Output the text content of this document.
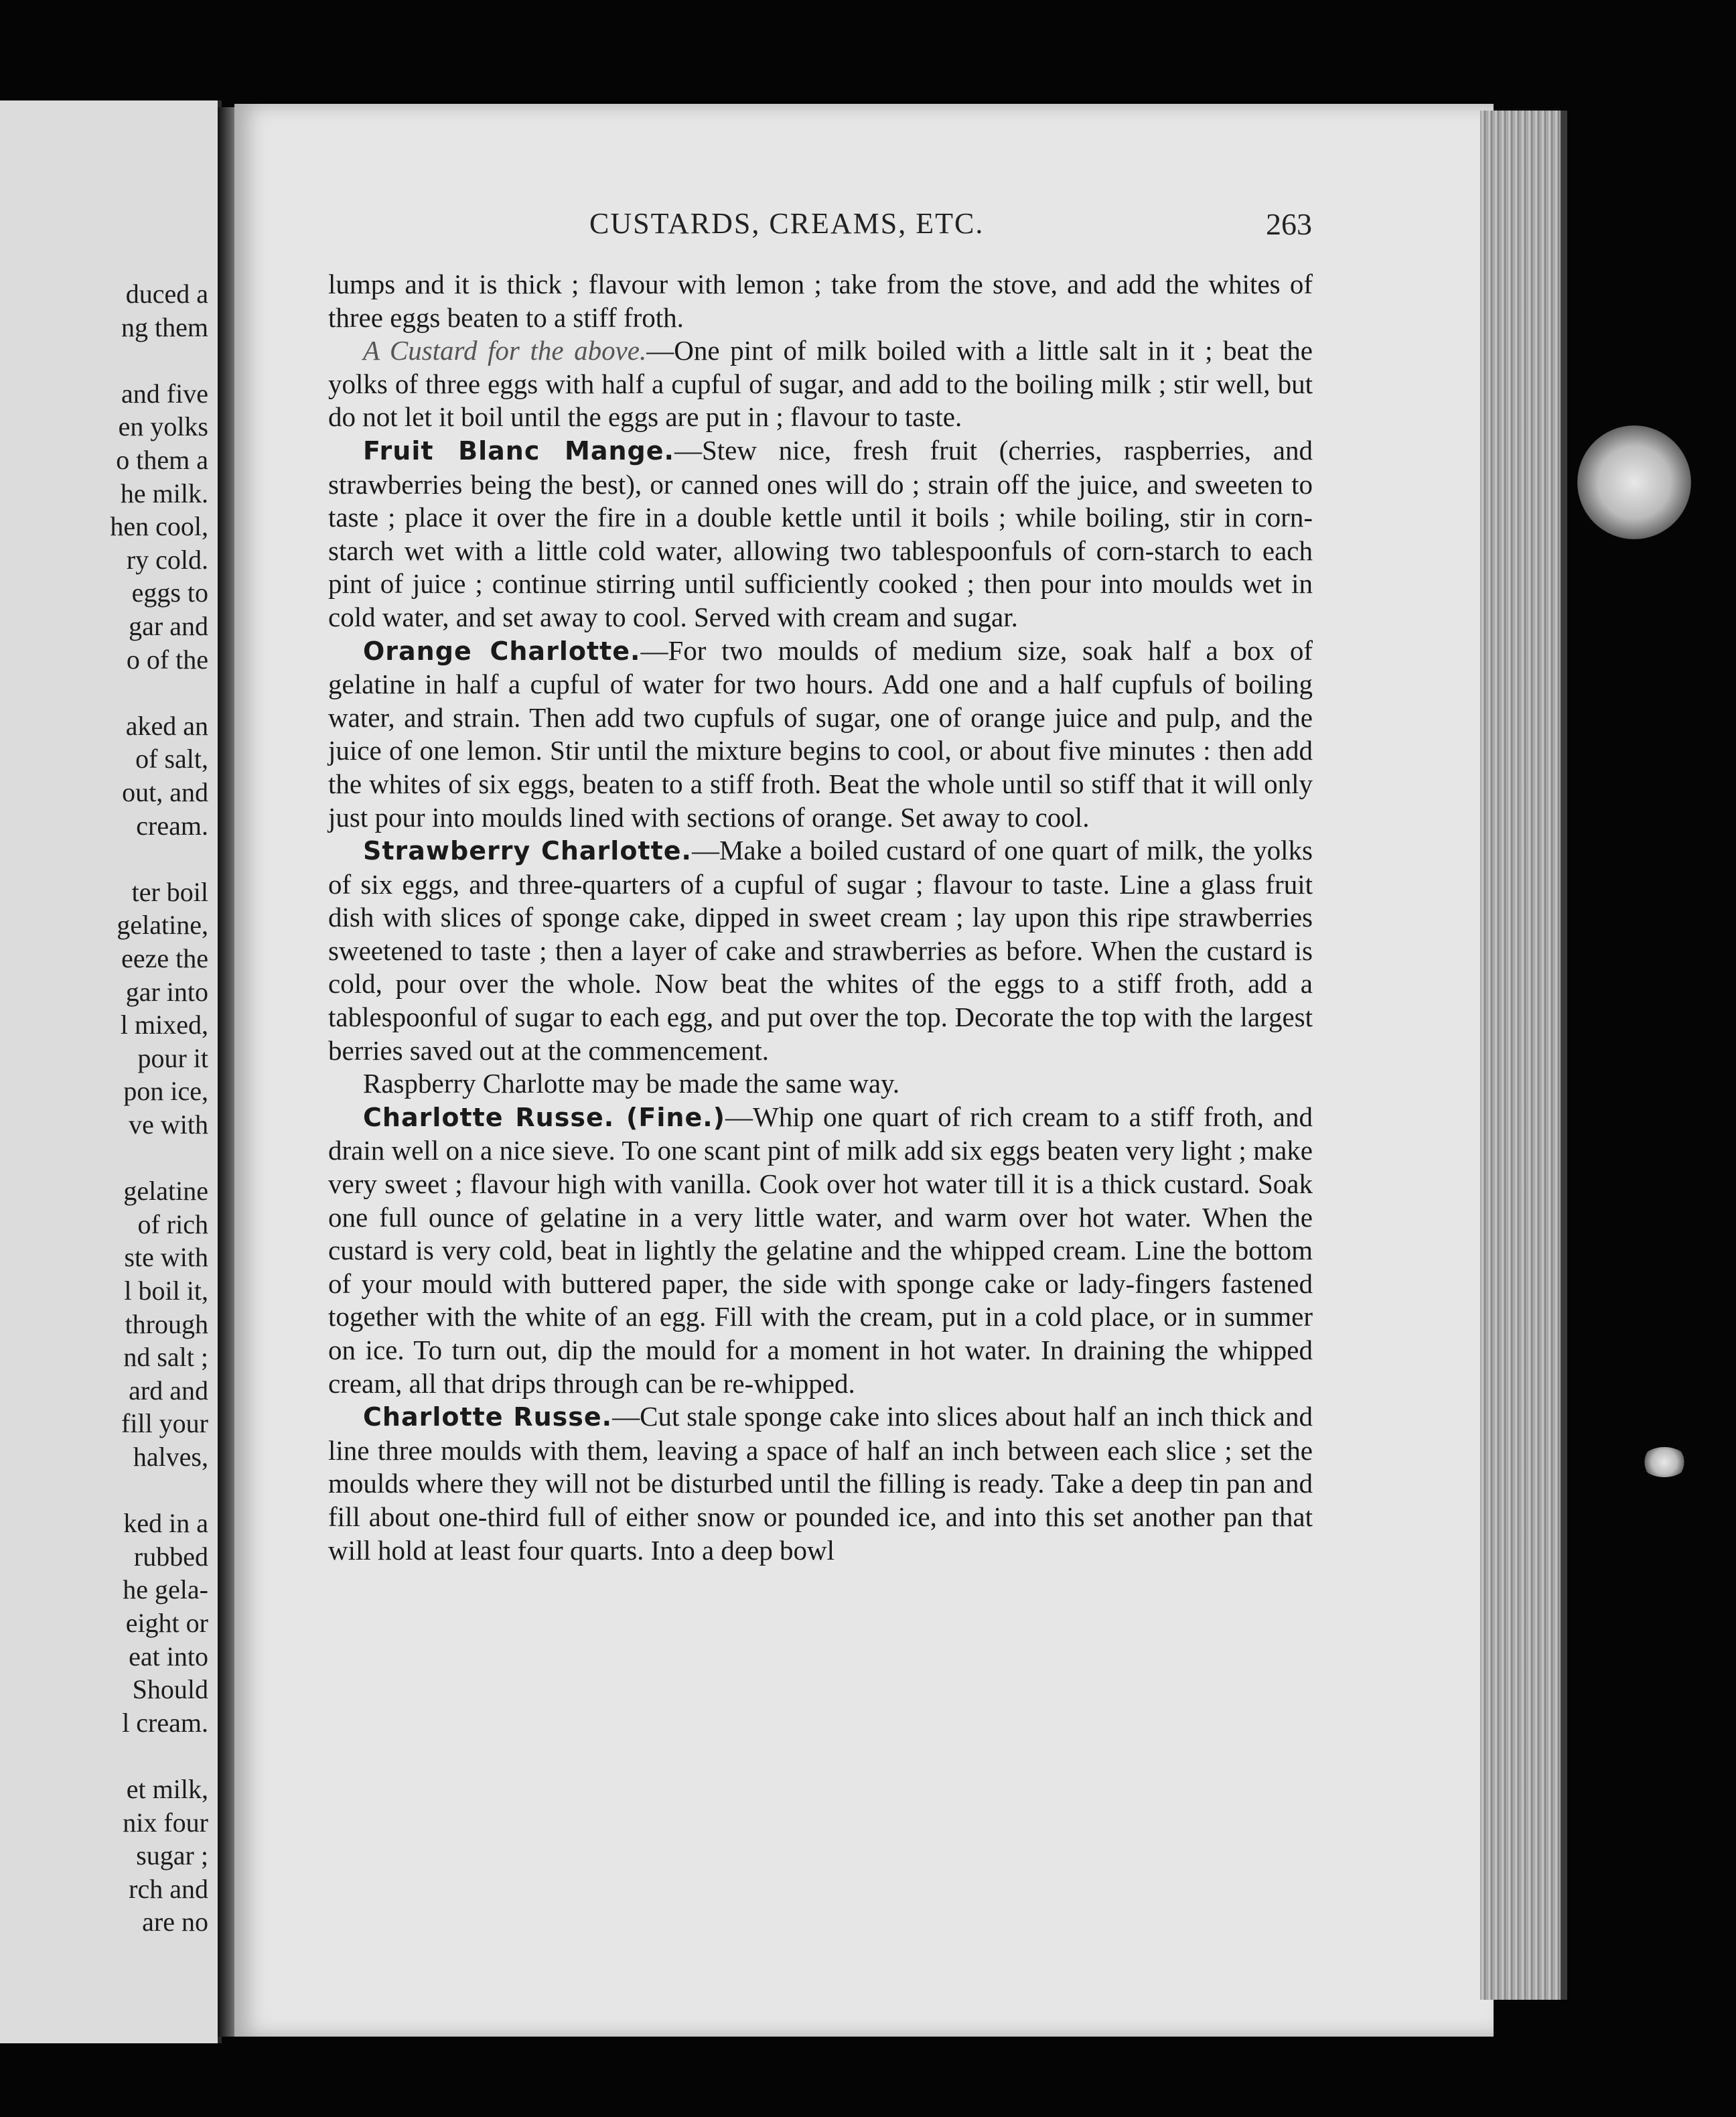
duced a
ng them
and five
en yolks
o them a
he milk.
hen cool,
ry cold.
eggs to
gar and
o of the
aked an
of salt,
out, and
cream.
ter boil
gelatine,
eeze the
gar into
l mixed,
pour it
pon ice,
ve with
gelatine
of rich
ste with
l boil it,
through
nd salt ;
ard and
fill your
halves,
ked in a
rubbed
he gela-
eight or
eat into
Should
l cream.
et milk,
nix four
sugar ;
rch and
are no
CUSTARDS, CREAMS, ETC.	263

lumps and it is thick ; flavour with lemon ; take from the stove, and add the whites of three eggs beaten to a stiff froth.

A Custard for the above.—One pint of milk boiled with a little salt in it ; beat the yolks of three eggs with half a cupful of sugar, and add to the boiling milk ; stir well, but do not let it boil until the eggs are put in ; flavour to taste.

Fruit Blanc Mange.—Stew nice, fresh fruit (cherries, raspberries, and strawberries being the best), or canned ones will do ; strain off the juice, and sweeten to taste ; place it over the fire in a double kettle until it boils ; while boiling, stir in corn-starch wet with a little cold water, allowing two tablespoonfuls of corn-starch to each pint of juice ; continue stirring until sufficiently cooked ; then pour into moulds wet in cold water, and set away to cool. Served with cream and sugar.

Orange Charlotte.—For two moulds of medium size, soak half a box of gelatine in half a cupful of water for two hours. Add one and a half cupfuls of boiling water, and strain. Then add two cupfuls of sugar, one of orange juice and pulp, and the juice of one lemon. Stir until the mixture begins to cool, or about five minutes : then add the whites of six eggs, beaten to a stiff froth. Beat the whole until so stiff that it will only just pour into moulds lined with sections of orange. Set away to cool.

Strawberry Charlotte.—Make a boiled custard of one quart of milk, the yolks of six eggs, and three-quarters of a cupful of sugar ; flavour to taste. Line a glass fruit dish with slices of sponge cake, dipped in sweet cream ; lay upon this ripe strawberries sweetened to taste ; then a layer of cake and strawberries as before. When the custard is cold, pour over the whole. Now beat the whites of the eggs to a stiff froth, add a tablespoonful of sugar to each egg, and put over the top. Decorate the top with the largest berries saved out at the commencement.

Raspberry Charlotte may be made the same way.

Charlotte Russe. (Fine.)—Whip one quart of rich cream to a stiff froth, and drain well on a nice sieve. To one scant pint of milk add six eggs beaten very light ; make very sweet ; flavour high with vanilla. Cook over hot water till it is a thick custard. Soak one full ounce of gelatine in a very little water, and warm over hot water. When the custard is very cold, beat in lightly the gelatine and the whipped cream. Line the bottom of your mould with buttered paper, the side with sponge cake or lady-fingers fastened together with the white of an egg. Fill with the cream, put in a cold place, or in summer on ice. To turn out, dip the mould for a moment in hot water. In draining the whipped cream, all that drips through can be re-whipped.

Charlotte Russe.—Cut stale sponge cake into slices about half an inch thick and line three moulds with them, leaving a space of half an inch between each slice ; set the moulds where they will not be disturbed until the filling is ready. Take a deep tin pan and fill about one-third full of either snow or pounded ice, and into this set another pan that will hold at least four quarts. Into a deep bowl
